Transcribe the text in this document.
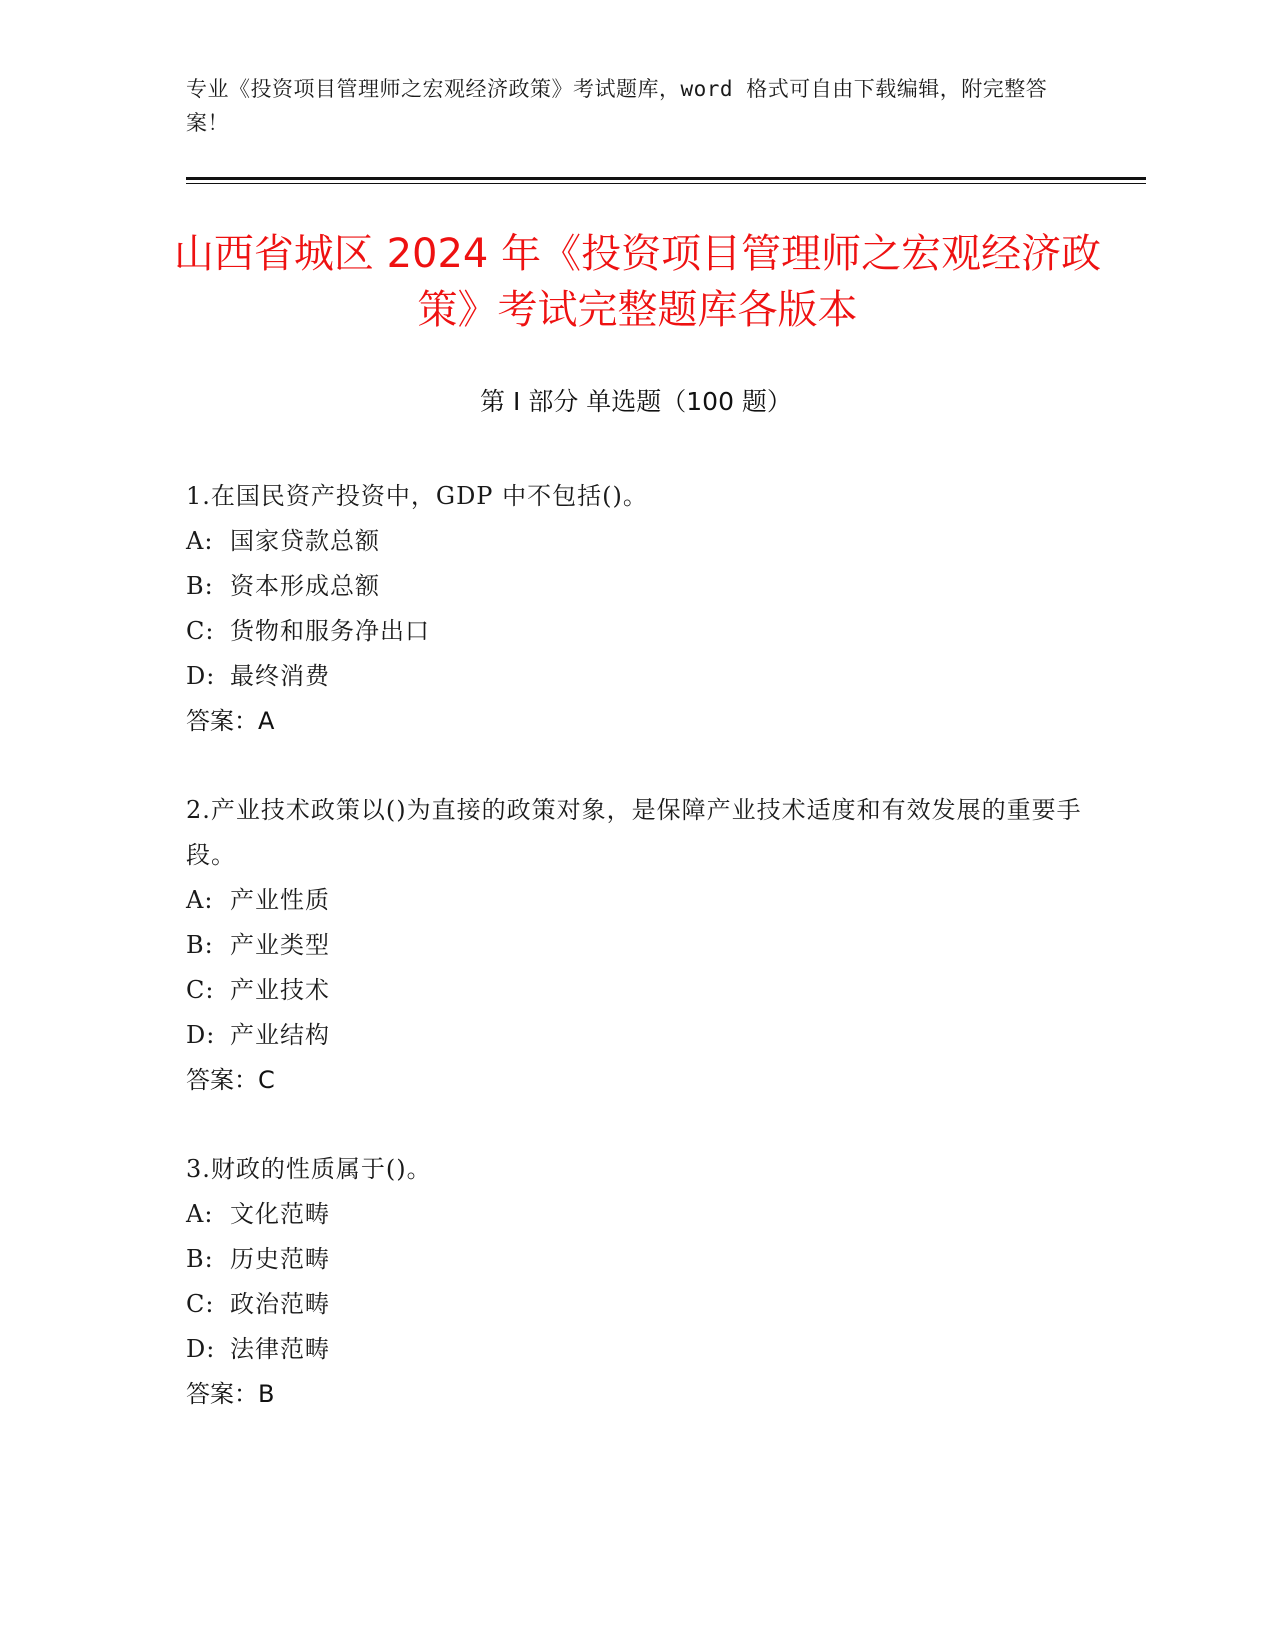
专业《投资项目管理师之宏观经济政策》考试题库，word 格式可自由下载编辑，附完整答案！
山西省城区 2024 年《投资项目管理师之宏观经济政策》考试完整题库各版本
第 I 部分 单选题（100 题）
1.在国民资产投资中，GDP 中不包括()。
A: 国家贷款总额
B: 资本形成总额
C: 货物和服务净出口
D: 最终消费
答案：A
2.产业技术政策以()为直接的政策对象，是保障产业技术适度和有效发展的重要手段。
A: 产业性质
B: 产业类型
C: 产业技术
D: 产业结构
答案：C
3.财政的性质属于()。
A: 文化范畴
B: 历史范畴
C: 政治范畴
D: 法律范畴
答案：B
